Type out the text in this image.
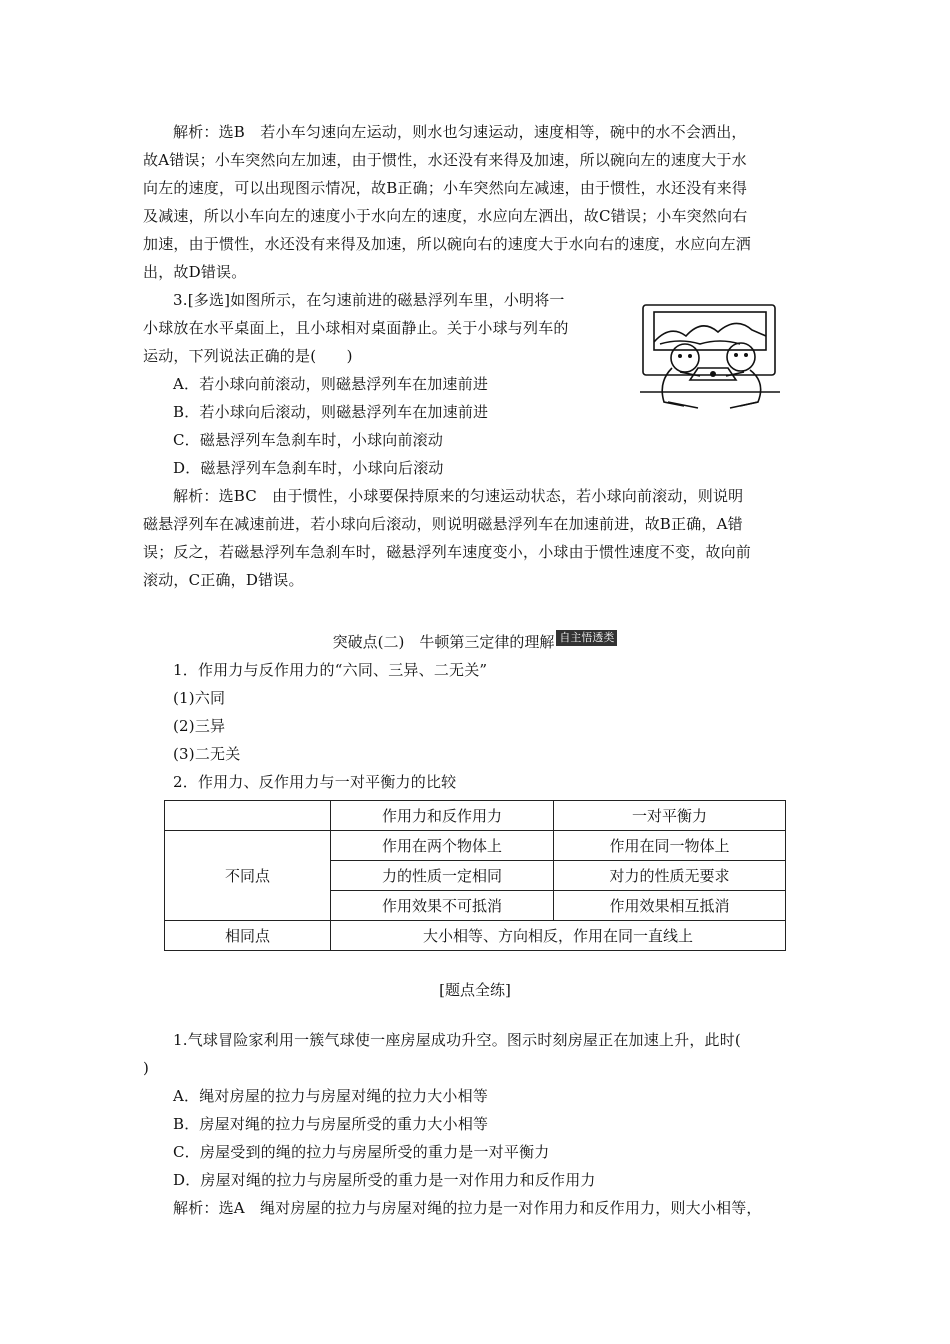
解析：选B　若小车匀速向左运动，则水也匀速运动，速度相等，碗中的水不会洒出，
故A错误；小车突然向左加速，由于惯性，水还没有来得及加速，所以碗向左的速度大于水
向左的速度，可以出现图示情况，故B正确；小车突然向左减速，由于惯性，水还没有来得
及减速，所以小车向左的速度小于水向左的速度，水应向左洒出，故C错误；小车突然向右
加速，由于惯性，水还没有来得及加速，所以碗向右的速度大于水向右的速度，水应向左洒
出，故D错误。
3.[多选]如图所示，在匀速前进的磁悬浮列车里，小明将一
小球放在水平桌面上，且小球相对桌面静止。关于小球与列车的
运动，下列说法正确的是(　　)
A．若小球向前滚动，则磁悬浮列车在加速前进
B．若小球向后滚动，则磁悬浮列车在加速前进
C．磁悬浮列车急刹车时，小球向前滚动
D．磁悬浮列车急刹车时，小球向后滚动
解析：选BC　由于惯性，小球要保持原来的匀速运动状态，若小球向前滚动，则说明
磁悬浮列车在减速前进，若小球向后滚动，则说明磁悬浮列车在加速前进，故B正确，A错
误；反之，若磁悬浮列车急刹车时，磁悬浮列车速度变小，小球由于惯性速度不变，故向前
滚动，C正确，D错误。
突破点(二)　牛顿第三定律的理解 自主悟透类
1．作用力与反作用力的“六同、三异、二无关”
(1)六同
(2)三异
(3)二无关
2．作用力、反作用力与一对平衡力的比较
	作用力和反作用力	一对平衡力
不同点	作用在两个物体上	作用在同一物体上
	力的性质一定相同	对力的性质无要求
	作用效果不可抵消	作用效果相互抵消
相同点	大小相等、方向相反，作用在同一直线上	
[题点全练]
1.气球冒险家利用一簇气球使一座房屋成功升空。图示时刻房屋正在加速上升，此时(
)
A．绳对房屋的拉力与房屋对绳的拉力大小相等
B．房屋对绳的拉力与房屋所受的重力大小相等
C．房屋受到的绳的拉力与房屋所受的重力是一对平衡力
D．房屋对绳的拉力与房屋所受的重力是一对作用力和反作用力
解析：选A　绳对房屋的拉力与房屋对绳的拉力是一对作用力和反作用力，则大小相等，
